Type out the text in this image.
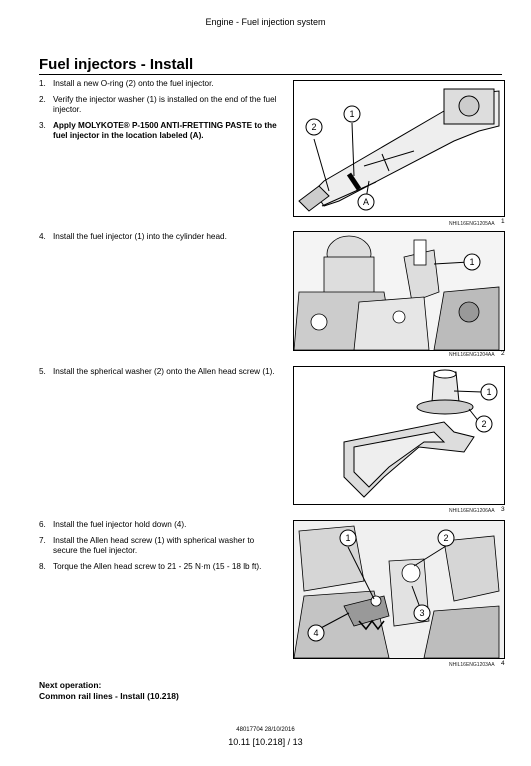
Engine - Fuel injection system
Fuel injectors - Install
1. Install a new O-ring (2) onto the fuel injector.
2. Verify the injector washer (1) is installed on the end of the fuel injector.
3. Apply MOLYKOTE® P-1500 ANTI-FRETTING PASTE to the fuel injector in the location labeled (A).
2
1
A
NHIL16ENG1205AA 1
4. Install the fuel injector (1) into the cylinder head.
1
NHIL16ENG1204AA 2
5. Install the spherical washer (2) onto the Allen head screw (1).
1
2
NHIL16ENG1206AA 3
6. Install the fuel injector hold down (4).
7. Install the Allen head screw (1) with spherical washer to secure the fuel injector.
8. Torque the Allen head screw to 21 - 25 N·m (15 - 18 lb ft).
1	2
3
4
NHIL16ENG1203AA 4
Next operation:
Common rail lines - Install (10.218)
48017704 28/10/2016
10.11 [10.218] / 13
